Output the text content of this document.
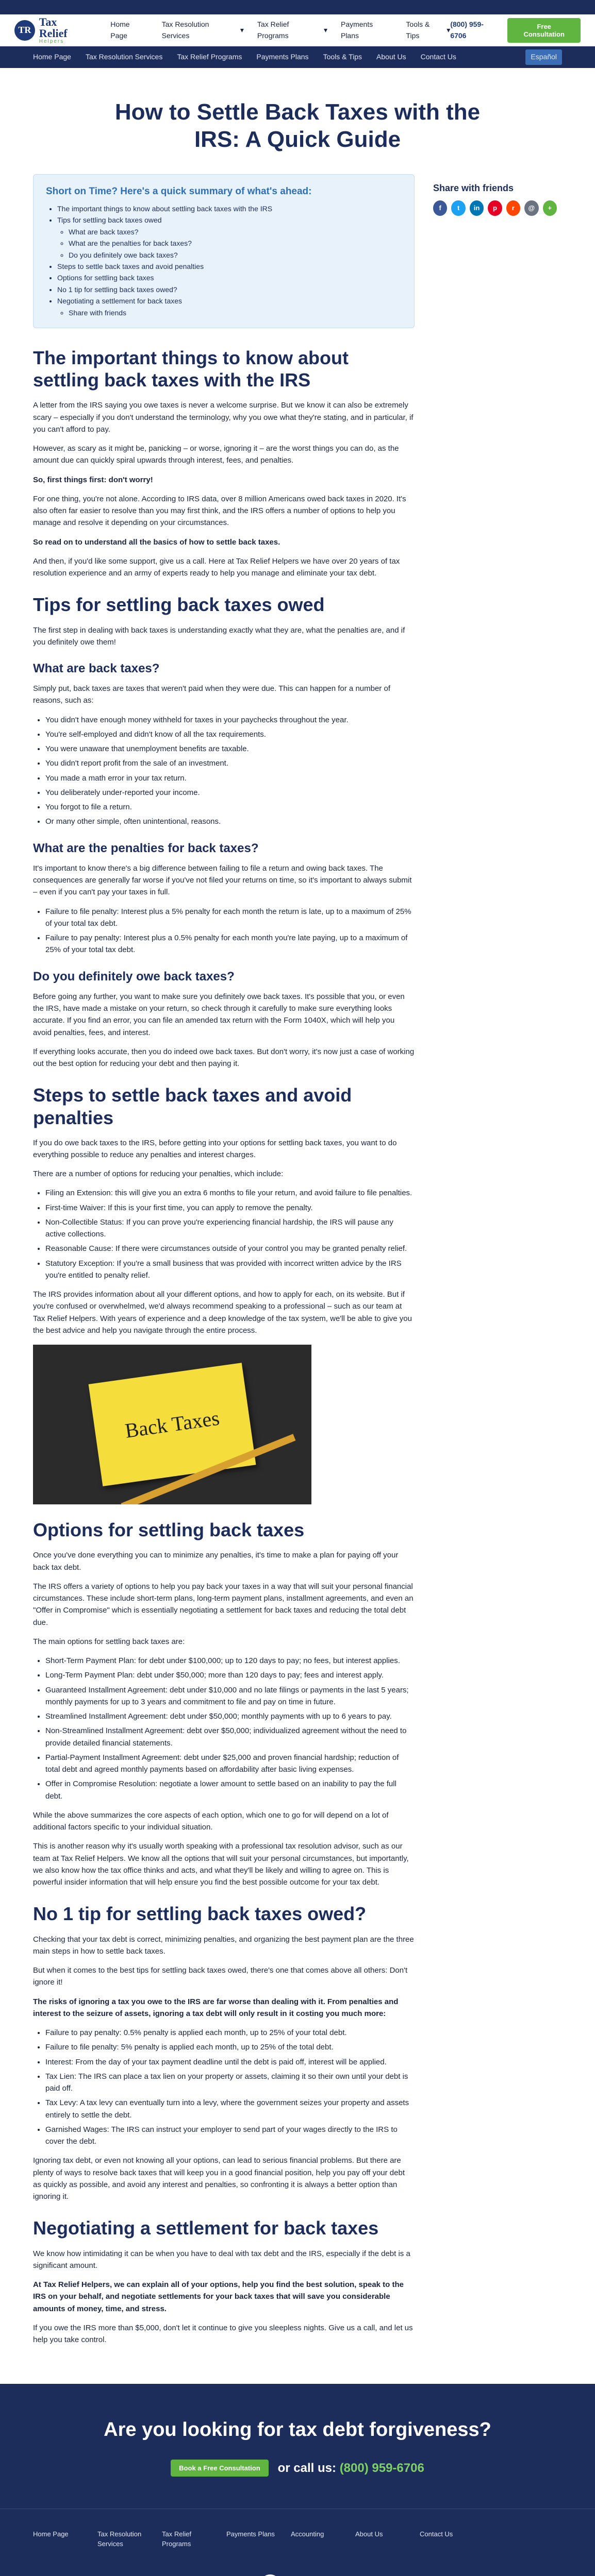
TR
Tax Relief
Helpers
Home Page
Tax Resolution Services
▾
Tax Relief Programs
▾
Payments Plans
Tools & Tips
▾
(800) 959-6706
Free Consultation
Home Page Tax Resolution Services Tax Relief Programs Payments Plans Tools & Tips About Us Contact Us	Español
How to Settle Back Taxes with the IRS: A Quick Guide
Short on Time? Here's a quick summary of what's ahead:
• The important things to know about settling back taxes with the IRS
• Tips for settling back taxes owed
◦ What are back taxes?
◦ What are the penalties for back taxes?
◦ Do you definitely owe back taxes?
• Steps to settle back taxes and avoid penalties
• Options for settling back taxes
• No 1 tip for settling back taxes owed?
• Negotiating a settlement for back taxes
◦ Share with friends
The important things to know about settling back taxes with the IRS

A letter from the IRS saying you owe taxes is never a welcome surprise. But we know it can also be extremely scary – especially if you don't understand the terminology, why you owe what they're stating, and in particular, if you can't afford to pay.

However, as scary as it might be, panicking – or worse, ignoring it – are the worst things you can do, as the amount due can quickly spiral upwards through interest, fees, and penalties.

So, first things first: don't worry!

For one thing, you're not alone. According to IRS data, over 8 million Americans owed back taxes in 2020. It's also often far easier to resolve than you may first think, and the IRS offers a number of options to help you manage and resolve it depending on your circumstances.

So read on to understand all the basics of how to settle back taxes.

And then, if you'd like some support, give us a call. Here at Tax Relief Helpers we have over 20 years of tax resolution experience and an army of experts ready to help you manage and eliminate your tax debt.

Tips for settling back taxes owed

The first step in dealing with back taxes is understanding exactly what they are, what the penalties are, and if you definitely owe them!

What are back taxes?

Simply put, back taxes are taxes that weren't paid when they were due. This can happen for a number of reasons, such as:

• You didn't have enough money withheld for taxes in your paychecks throughout the year.
• You're self-employed and didn't know of all the tax requirements.
• You were unaware that unemployment benefits are taxable.
• You didn't report profit from the sale of an investment.
• You made a math error in your tax return.
• You deliberately under-reported your income.
• You forgot to file a return.
• Or many other simple, often unintentional, reasons.
What are the penalties for back taxes?

It's important to know there's a big difference between failing to file a return and owing back taxes. The consequences are generally far worse if you've not filed your returns on time, so it's important to always submit – even if you can't pay your taxes in full.

• Failure to file penalty: Interest plus a 5% penalty for each month the return is late, up to a maximum of 25% of your total tax debt.
• Failure to pay penalty: Interest plus a 0.5% penalty for each month you're late paying, up to a maximum of 25% of your total tax debt.
Do you definitely owe back taxes?

Before going any further, you want to make sure you definitely owe back taxes. It's possible that you, or even the IRS, have made a mistake on your return, so check through it carefully to make sure everything looks accurate. If you find an error, you can file an amended tax return with the Form 1040X, which will help you avoid penalties, fees, and interest.

If everything looks accurate, then you do indeed owe back taxes. But don't worry, it's now just a case of working out the best option for reducing your debt and then paying it.

Steps to settle back taxes and avoid penalties

If you do owe back taxes to the IRS, before getting into your options for settling back taxes, you want to do everything possible to reduce any penalties and interest charges.

There are a number of options for reducing your penalties, which include:

• Filing an Extension: this will give you an extra 6 months to file your return, and avoid failure to file penalties.
• First-time Waiver: If this is your first time, you can apply to remove the penalty.
• Non-Collectible Status: If you can prove you're experiencing financial hardship, the IRS will pause any active collections.
• Reasonable Cause: If there were circumstances outside of your control you may be granted penalty relief.
• Statutory Exception: If you're a small business that was provided with incorrect written advice by the IRS you're entitled to penalty relief.

The IRS provides information about all your different options, and how to apply for each, on its website. But if you're confused or overwhelmed, we'd always recommend speaking to a professional – such as our team at Tax Relief Helpers. With years of experience and a deep knowledge of the tax system, we'll be able to give you the best advice and help you navigate through the entire process.

Back Taxes
Options for settling back taxes

Once you've done everything you can to minimize any penalties, it's time to make a plan for paying off your back tax debt.

The IRS offers a variety of options to help you pay back your taxes in a way that will suit your personal financial circumstances. These include short-term plans, long-term payment plans, installment agreements, and even an "Offer in Compromise" which is essentially negotiating a settlement for back taxes and reducing the total debt due.

The main options for settling back taxes are:

• Short-Term Payment Plan: for debt under $100,000; up to 120 days to pay; no fees, but interest applies.
• Long-Term Payment Plan: debt under $50,000; more than 120 days to pay; fees and interest apply.
• Guaranteed Installment Agreement: debt under $10,000 and no late filings or payments in the last 5 years; monthly payments for up to 3 years and commitment to file and pay on time in future.
• Streamlined Installment Agreement: debt under $50,000; monthly payments with up to 6 years to pay.
• Non-Streamlined Installment Agreement: debt over $50,000; individualized agreement without the need to provide detailed financial statements.
• Partial-Payment Installment Agreement: debt under $25,000 and proven financial hardship; reduction of total debt and agreed monthly payments based on affordability after basic living expenses.
• Offer in Compromise Resolution: negotiate a lower amount to settle based on an inability to pay the full debt.

While the above summarizes the core aspects of each option, which one to go for will depend on a lot of additional factors specific to your individual situation.

This is another reason why it's usually worth speaking with a professional tax resolution advisor, such as our team at Tax Relief Helpers. We know all the options that will suit your personal circumstances, but importantly, we also know how the tax office thinks and acts, and what they'll be likely and willing to agree on. This is powerful insider information that will help ensure you find the best possible outcome for your tax debt.

No 1 tip for settling back taxes owed?

Checking that your tax debt is correct, minimizing penalties, and organizing the best payment plan are the three main steps in how to settle back taxes.

But when it comes to the best tips for settling back taxes owed, there's one that comes above all others: Don't ignore it!

The risks of ignoring a tax you owe to the IRS are far worse than dealing with it. From penalties and interest to the seizure of assets, ignoring a tax debt will only result in it costing you much more:

• Failure to pay penalty: 0.5% penalty is applied each month, up to 25% of your total debt.
• Failure to file penalty: 5% penalty is applied each month, up to 25% of the total debt.
• Interest: From the day of your tax payment deadline until the debt is paid off, interest will be applied.
• Tax Lien: The IRS can place a tax lien on your property or assets, claiming it so their own until your debt is paid off.
• Tax Levy: A tax levy can eventually turn into a levy, where the government seizes your property and assets entirely to settle the debt.
• Garnished Wages: The IRS can instruct your employer to send part of your wages directly to the IRS to cover the debt.

Ignoring tax debt, or even not knowing all your options, can lead to serious financial problems. But there are plenty of ways to resolve back taxes that will keep you in a good financial position, help you pay off your debt as quickly as possible, and avoid any interest and penalties, so confronting it is always a better option than ignoring it.

Negotiating a settlement for back taxes

We know how intimidating it can be when you have to deal with tax debt and the IRS, especially if the debt is a significant amount.

At Tax Relief Helpers, we can explain all of your options, help you find the best solution, speak to the IRS on your behalf, and negotiate settlements for your back taxes that will save you considerable amounts of money, time, and stress.

If you owe the IRS more than $5,000, don't let it continue to give you sleepless nights. Give us a call, and let us help you take control.

Share with friends
f	t	in	p	r	@	+
Are you looking for tax debt forgiveness?
Book a Free Consultation	or call us: (800) 959-6706
Home Page	Tax Resolution Services
Tax Relief Programs
Payments Plans Accounting	About Us	Contact Us
